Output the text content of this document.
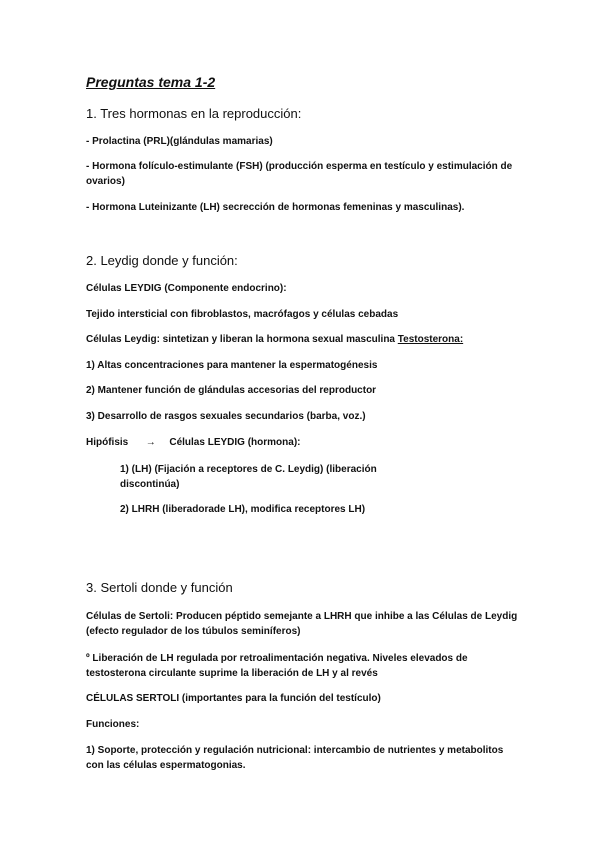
Preguntas tema 1-2
1. Tres hormonas en la reproducción:
- Prolactina (PRL)(glándulas mamarias)
- Hormona folículo-estimulante (FSH) (producción esperma en testículo y estimulación de ovarios)
- Hormona Luteinizante (LH) secrección de hormonas femeninas y masculinas).
2. Leydig donde y función:
Células LEYDIG (Componente endocrino):
Tejido intersticial con fibroblastos, macrófagos y células cebadas
Células Leydig: sintetizan y liberan la hormona sexual masculina Testosterona:
1) Altas concentraciones para mantener la espermatogénesis
2) Mantener función de glándulas accesorias del reproductor
3) Desarrollo de rasgos sexuales secundarios (barba, voz.)
Hipófisis → Células LEYDIG (hormona):
1) (LH) (Fijación a receptores de C. Leydig) (liberación discontinúa)
2) LHRH (liberadorade LH), modifica receptores LH)
3. Sertoli donde y función
Células de Sertoli: Producen péptido semejante a LHRH que inhibe a las Células de Leydig (efecto regulador de los túbulos seminíferos)
º Liberación de LH regulada por retroalimentación negativa. Niveles elevados de testosterona circulante suprime la liberación de LH y al revés
CÉLULAS SERTOLI (importantes para la función del testículo)
Funciones:
1) Soporte, protección y regulación nutricional: intercambio de nutrientes y metabolitos con las células espermatogonias.
